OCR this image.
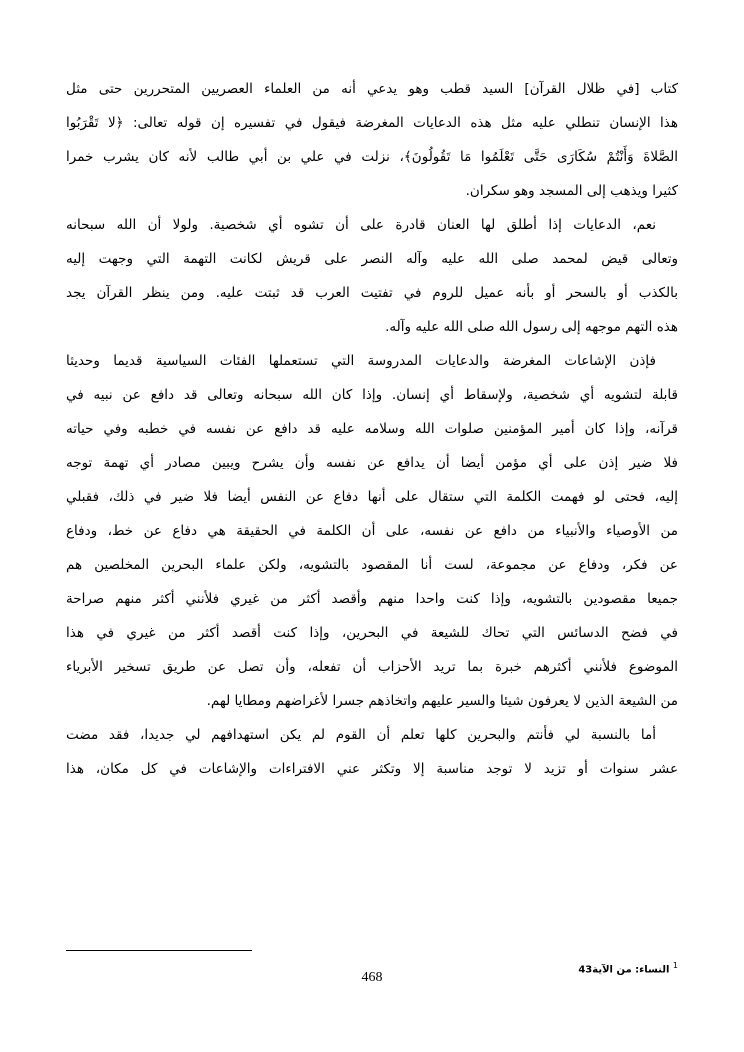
كتاب [في ظلال القرآن] السيد قطب وهو يدعي أنه من العلماء العصريين المتحررين حتى مثل
هذا الإنسان تنطلي عليه مثل هذه الدعايات المغرضة فيقول في تفسيره إن قوله تعالى: ﴿لا تَقْرَبُوا
الصَّلاةَ وَأَنْتُمْ سُكَارَى حَتَّى تَعْلَمُوا مَا تَقُولُونَ﴾، نزلت في علي بن أبي طالب لأنه كان يشرب خمرا
كثيرا ويذهب إلى المسجد وهو سكران.
نعم، الدعايات إذا أطلق لها العنان قادرة على أن تشوه أي شخصية. ولولا أن الله سبحانه
وتعالى قيض لمحمد صلى الله عليه وآله النصر على قريش لكانت التهمة التي وجهت إليه
بالكذب أو بالسحر أو بأنه عميل للروم في تفتيت العرب قد ثبتت عليه. ومن ينظر القرآن يجد
هذه التهم موجهه إلى رسول الله صلى الله عليه وآله.
فإذن الإشاعات المغرضة والدعايات المدروسة التي تستعملها الفئات السياسية قديما وحديثا
قابلة لتشويه أي شخصية، ولإسقاط أي إنسان. وإذا كان الله سبحانه وتعالى قد دافع عن نبيه في
قرآنه، وإذا كان أمير المؤمنين صلوات الله وسلامه عليه قد دافع عن نفسه في خطبه وفي حياته
فلا ضير إذن على أي مؤمن أيضا أن يدافع عن نفسه وأن يشرح ويبين مصادر أي تهمة توجه
إليه، فحتى لو فهمت الكلمة التي ستقال على أنها دفاع عن النفس أيضا فلا ضير في ذلك، فقبلي
من الأوصياء والأنبياء من دافع عن نفسه، على أن الكلمة في الحقيقة هي دفاع عن خط، ودفاع
عن فكر، ودفاع عن مجموعة، لست أنا المقصود بالتشويه، ولكن علماء البحرين المخلصين هم
جميعا مقصودين بالتشويه، وإذا كنت واحدا منهم وأقصد أكثر من غيري فلأنني أكثر منهم صراحة
في فضح الدسائس التي تحاك للشيعة في البحرين، وإذا كنت أقصد أكثر من غيري في هذا
الموضوع فلأنني أكثرهم خبرة بما تريد الأحزاب أن تفعله، وأن تصل عن طريق تسخير الأبرياء
من الشيعة الذين لا يعرفون شيئا والسير عليهم واتخاذهم جسرا لأغراضهم ومطايا لهم.
أما بالنسبة لي فأنتم والبحرين كلها تعلم أن القوم لم يكن استهدافهم لي جديدا، فقد مضت
عشر سنوات أو تزيد لا توجد مناسبة إلا وتكثر عني الافتراءات والإشاعات في كل مكان، هذا
$^1$ النساء: من الآية43
468
